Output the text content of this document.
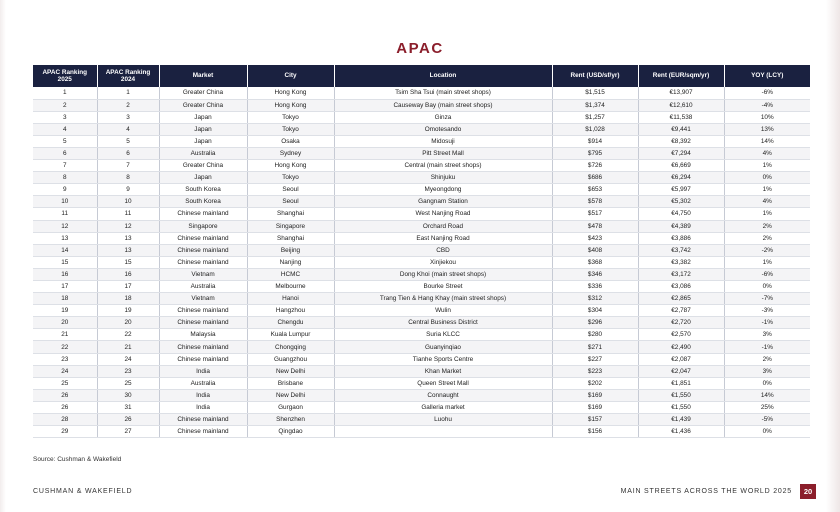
APAC
APAC Ranking 2025	APAC Ranking 2024	Market	City	Location	Rent (USD/sf/yr)	Rent (EUR/sqm/yr)	YOY (LCY)
1	1	Greater China	Hong Kong	Tsim Sha Tsui (main street shops)	$1,515	€13,907	-6%
2	2	Greater China	Hong Kong	Causeway Bay (main street shops)	$1,374	€12,610	-4%
3	3	Japan	Tokyo	Ginza	$1,257	€11,538	10%
4	4	Japan	Tokyo	Omotesando	$1,028	€9,441	13%
5	5	Japan	Osaka	Midosuji	$914	€8,392	14%
6	6	Australia	Sydney	Pitt Street Mall	$795	€7,294	4%
7	7	Greater China	Hong Kong	Central (main street shops)	$726	€6,669	1%
8	8	Japan	Tokyo	Shinjuku	$686	€6,294	0%
9	9	South Korea	Seoul	Myeongdong	$653	€5,997	1%
10	10	South Korea	Seoul	Gangnam Station	$578	€5,302	4%
11	11	Chinese mainland	Shanghai	West Nanjing Road	$517	€4,750	1%
12	12	Singapore	Singapore	Orchard Road	$478	€4,389	2%
13	13	Chinese mainland	Shanghai	East Nanjing Road	$423	€3,886	2%
14	13	Chinese mainland	Beijing	CBD	$408	€3,742	-2%
15	15	Chinese mainland	Nanjing	Xinjiekou	$368	€3,382	1%
16	16	Vietnam	HCMC	Dong Khoi (main street shops)	$346	€3,172	-6%
17	17	Australia	Melbourne	Bourke Street	$336	€3,086	0%
18	18	Vietnam	Hanoi	Trang Tien & Hang Khay (main street shops)	$312	€2,865	-7%
19	19	Chinese mainland	Hangzhou	Wulin	$304	€2,787	-3%
20	20	Chinese mainland	Chengdu	Central Business District	$296	€2,720	-1%
21	22	Malaysia	Kuala Lumpur	Suria KLCC	$280	€2,570	3%
22	21	Chinese mainland	Chongqing	Guanyinqiao	$271	€2,490	-1%
23	24	Chinese mainland	Guangzhou	Tianhe Sports Centre	$227	€2,087	2%
24	23	India	New Delhi	Khan Market	$223	€2,047	3%
25	25	Australia	Brisbane	Queen Street Mall	$202	€1,851	0%
26	30	India	New Delhi	Connaught	$169	€1,550	14%
26	31	India	Gurgaon	Galleria market	$169	€1,550	25%
28	26	Chinese mainland	Shenzhen	Luohu	$157	€1,439	-5%
29	27	Chinese mainland	Qingdao		$156	€1,436	0%
Source: Cushman & Wakefield
CUSHMAN & WAKEFIELD	MAIN STREETS ACROSS THE WORLD 2025	20
